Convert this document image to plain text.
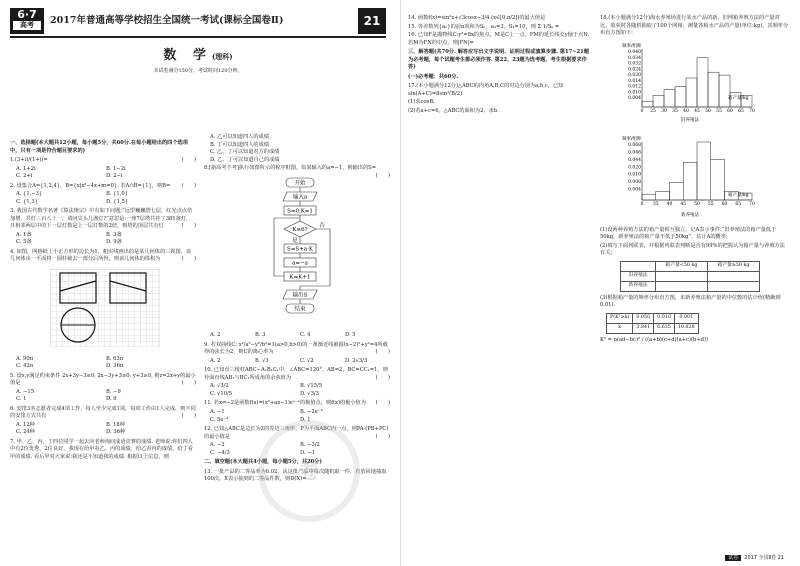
6·7
高考	2017年普通高等学校招生全国统一考试(课标全国卷Ⅱ)	21
数 学(理科)
本试卷满分150分，考试时间120分钟。
一、选择题(本大题共12小题，每小题5分，共60分.在每小题给出的四个选项中，只有一项是符合题目要求的)
1.(3+i)/(1+i)=	(　　)
A. 1+2i	B. 1−2i
C. 2+i	D. 2−i
2. 设集合A={1,2,4}，B={x|x²−4x+m=0}. 若A∩B={1}，则B= (　　)
A. {1,−3}	B. {1,0}
C. {1,3}	D. {1,5}
3. 我国古代数学名著《算法统宗》中有如下问题:“远望巍巍塔七层，红光点点倍加增，共灯三百八十一，请问尖头几盏灯?”意思是:一座7层塔共挂了381盏灯，且相邻两层中的下一层灯数是上一层灯数的2倍，则塔的顶层共有灯	(　　)
A. 1盏	B. 3盏
C. 5盏	D. 9盏
4. 如图，网格纸上小正方形的边长为1，粗实线画出的是某几何体的三视图，该几何体由一平面将一圆柱截去一部分后所得，则该几何体的体积为	(　　)
A. 90π	B. 63π
C. 42π	D. 36π
5. 设x,y满足约束条件 2x+3y−3≤0, 2x−3y+3≥0, y+3≥0, 则z=2x+y的最小值是	(　　)
A. −15	B. −9
C. 1	D. 9
6. 安排3名志愿者完成4项工作，每人至少完成1项，每项工作由1人完成，则不同的安排方式共有	(　　)
A. 12种	B. 18种
C. 24种	D. 36种
7. 甲、乙、丙、丁四位同学一起去向老师询问成语竞赛的成绩. 老师说:你们四人中有2位优秀，2位良好，我现在给甲看乙、丙的成绩，给乙看丙的成绩，给丁看甲的成绩. 看后甲对大家说:我还是不知道我的成绩. 根据以上信息，则
A. 乙可以知道四人的成绩
B. 丁可以知道四人的成绩
C. 乙、丁可以知道对方的成绩
D. 乙、丁可以知道自己的成绩
8.[新高考不考]执行如图所示的程序框图，如果输入的a=−1，则输出的S=
(　　)
开始
输入a
S=0,K=1
K≤6?
否
是
S=S+a·K
a=−a
K=K+1
输出S
结束
A. 2	B. 3	C. 4	D. 5
9. 若双曲线C: x²/a²−y²/b²=1(a>0,b>0)的一条渐近线被圆(x−2)²+y²=4所截得的弦长为2，则C的离心率为	(　　)
A. 2	B. √3	C. √2	D. 2√3/3
10. 已知直三棱柱ABC−A₁B₁C₁中，∠ABC=120°，AB=2，BC=CC₁=1，则异面直线AB₁与BC₁所成角的余弦值为	(　　)
A. √3/2	B. √15/5
C. √10/5	D. √3/3
11. 若x=−2是函数f(x)=(x²+ax−1)eˣ⁻¹的极值点，则f(x)的极小值为 (　　)
A. −1	B. −2e⁻³
C. 5e⁻³	D. 1
12. 已知△ABC是边长为2的等边三角形，P为平面ABC内一点，则PA·(PB+PC)的最小值是	(　　)
A. −2	B. −3/2
C. −4/3	D. −1
二、填空题(本大题共4小题，每小题5分，共20分)
13. 一批产品的二等品率为0.02，从这批产品中每次随机取一件，有放回地抽取100次，X表示抽到的二等品件数，则D(X)=
卷
14. 函数f(x)=sin²x+√3cosx−3/4 (x∈[0,π/2])的最大值是
15. 等差数列{aₙ}的前n项和为Sₙ，a₃=3，S₄=10，则 Σ 1/Sₖ =
16. 已知F是抛物线C:y²=8x的焦点，M是C上一点，FM的延长线交y轴于点N. 若M为FN的中点，则|FN|=
三、解答题(共70分. 解答应写出文字说明、证明过程或演算步骤. 第17~21题为必考题，每个试题考生都必须作答. 第22、23题为选考题，考生根据要求作答)
(一)必考题：共60分.
17.(本小题满分12分)△ABC的内角A,B,C的对边分别为a,b,c，已知sin(A+C)=8sin²(B/2).
(1)求cosB;
(2)若a+c=6，△ABC的面积为2，求b.
18.(本小题满分12分)海水养殖场进行某水产品的新、旧网箱养殖方法的产量对比，收获时各随机抽取了100个网箱，测量各箱水产品的产量(单位:kg)，其频率分布直方图如下:
频率/组距
箱产量/kg
旧养殖法
0 25 30 35 40 45 50 55 60 65 70
0.040
0.034
0.032
0.024
0.020
0.014
0.012
0.010
0.004

频率/组距
箱产量/kg
新养殖法
0 35 40 45 50 55 60 65 70
0.068
0.046
0.044
0.020
0.010
0.008
0.004
(1)设两种养殖方法的箱产量相互独立，记A表示事件:“旧养殖法的箱产量低于50kg，新养殖法的箱产量不低于50kg”，估计A的概率;
(2)填写下面列联表，并根据列联表判断是否有99%的把握认为箱产量与养殖方法有关;
	箱产量<50 kg	箱产量≥50 kg
旧养殖法		
新养殖法		
(3)根据箱产量的频率分布直方图，求新养殖法箱产量的中位数的估计值(精确到0.01).
P(K²≥k)	0.050	0.010	0.001
k	3.841	6.635	10.828
K² = n(ad−bc)² / ((a+b)(c+d)(a+c)(b+d))
试卷 2017 全国Ⅱ卷 21
